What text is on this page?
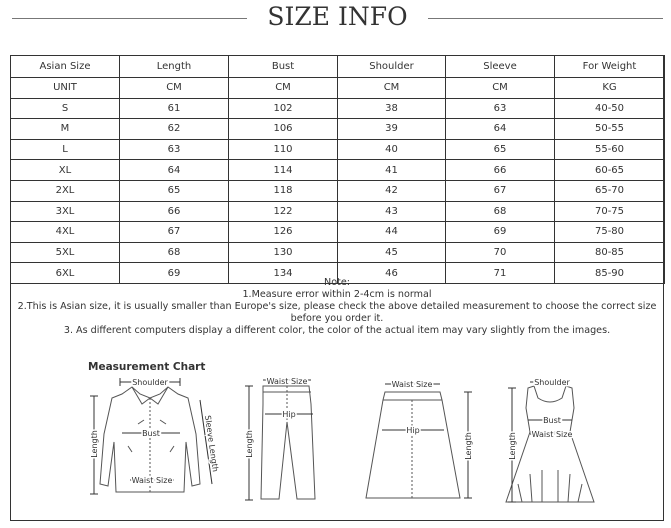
SIZE INFO
Asian Size	Length	Bust	Shoulder	Sleeve	For Weight
UNIT	CM	CM	CM	CM	KG
S	61	102	38	63	40-50
M	62	106	39	64	50-55
L	63	110	40	65	55-60
XL	64	114	41	66	60-65
2XL	65	118	42	67	65-70
3XL	66	122	43	68	70-75
4XL	67	126	44	69	75-80
5XL	68	130	45	70	80-85
6XL	69	134	46	71	85-90
Note:
1.Measure error within 2-4cm is normal
2.This is Asian size, it is usually smaller than Europe's size, please check the above detailed measurement to choose the correct size before you order it.
3. As different computers display a different color, the color of the actual item may vary slightly from the images.
Measurement Chart
Shoulder
Bust
Waist Size
Length	Sleeve Length
Waist Size
Hip
Length
Waist Size
Hip
Length
Shoulder
Bust
Waist Size
Length
